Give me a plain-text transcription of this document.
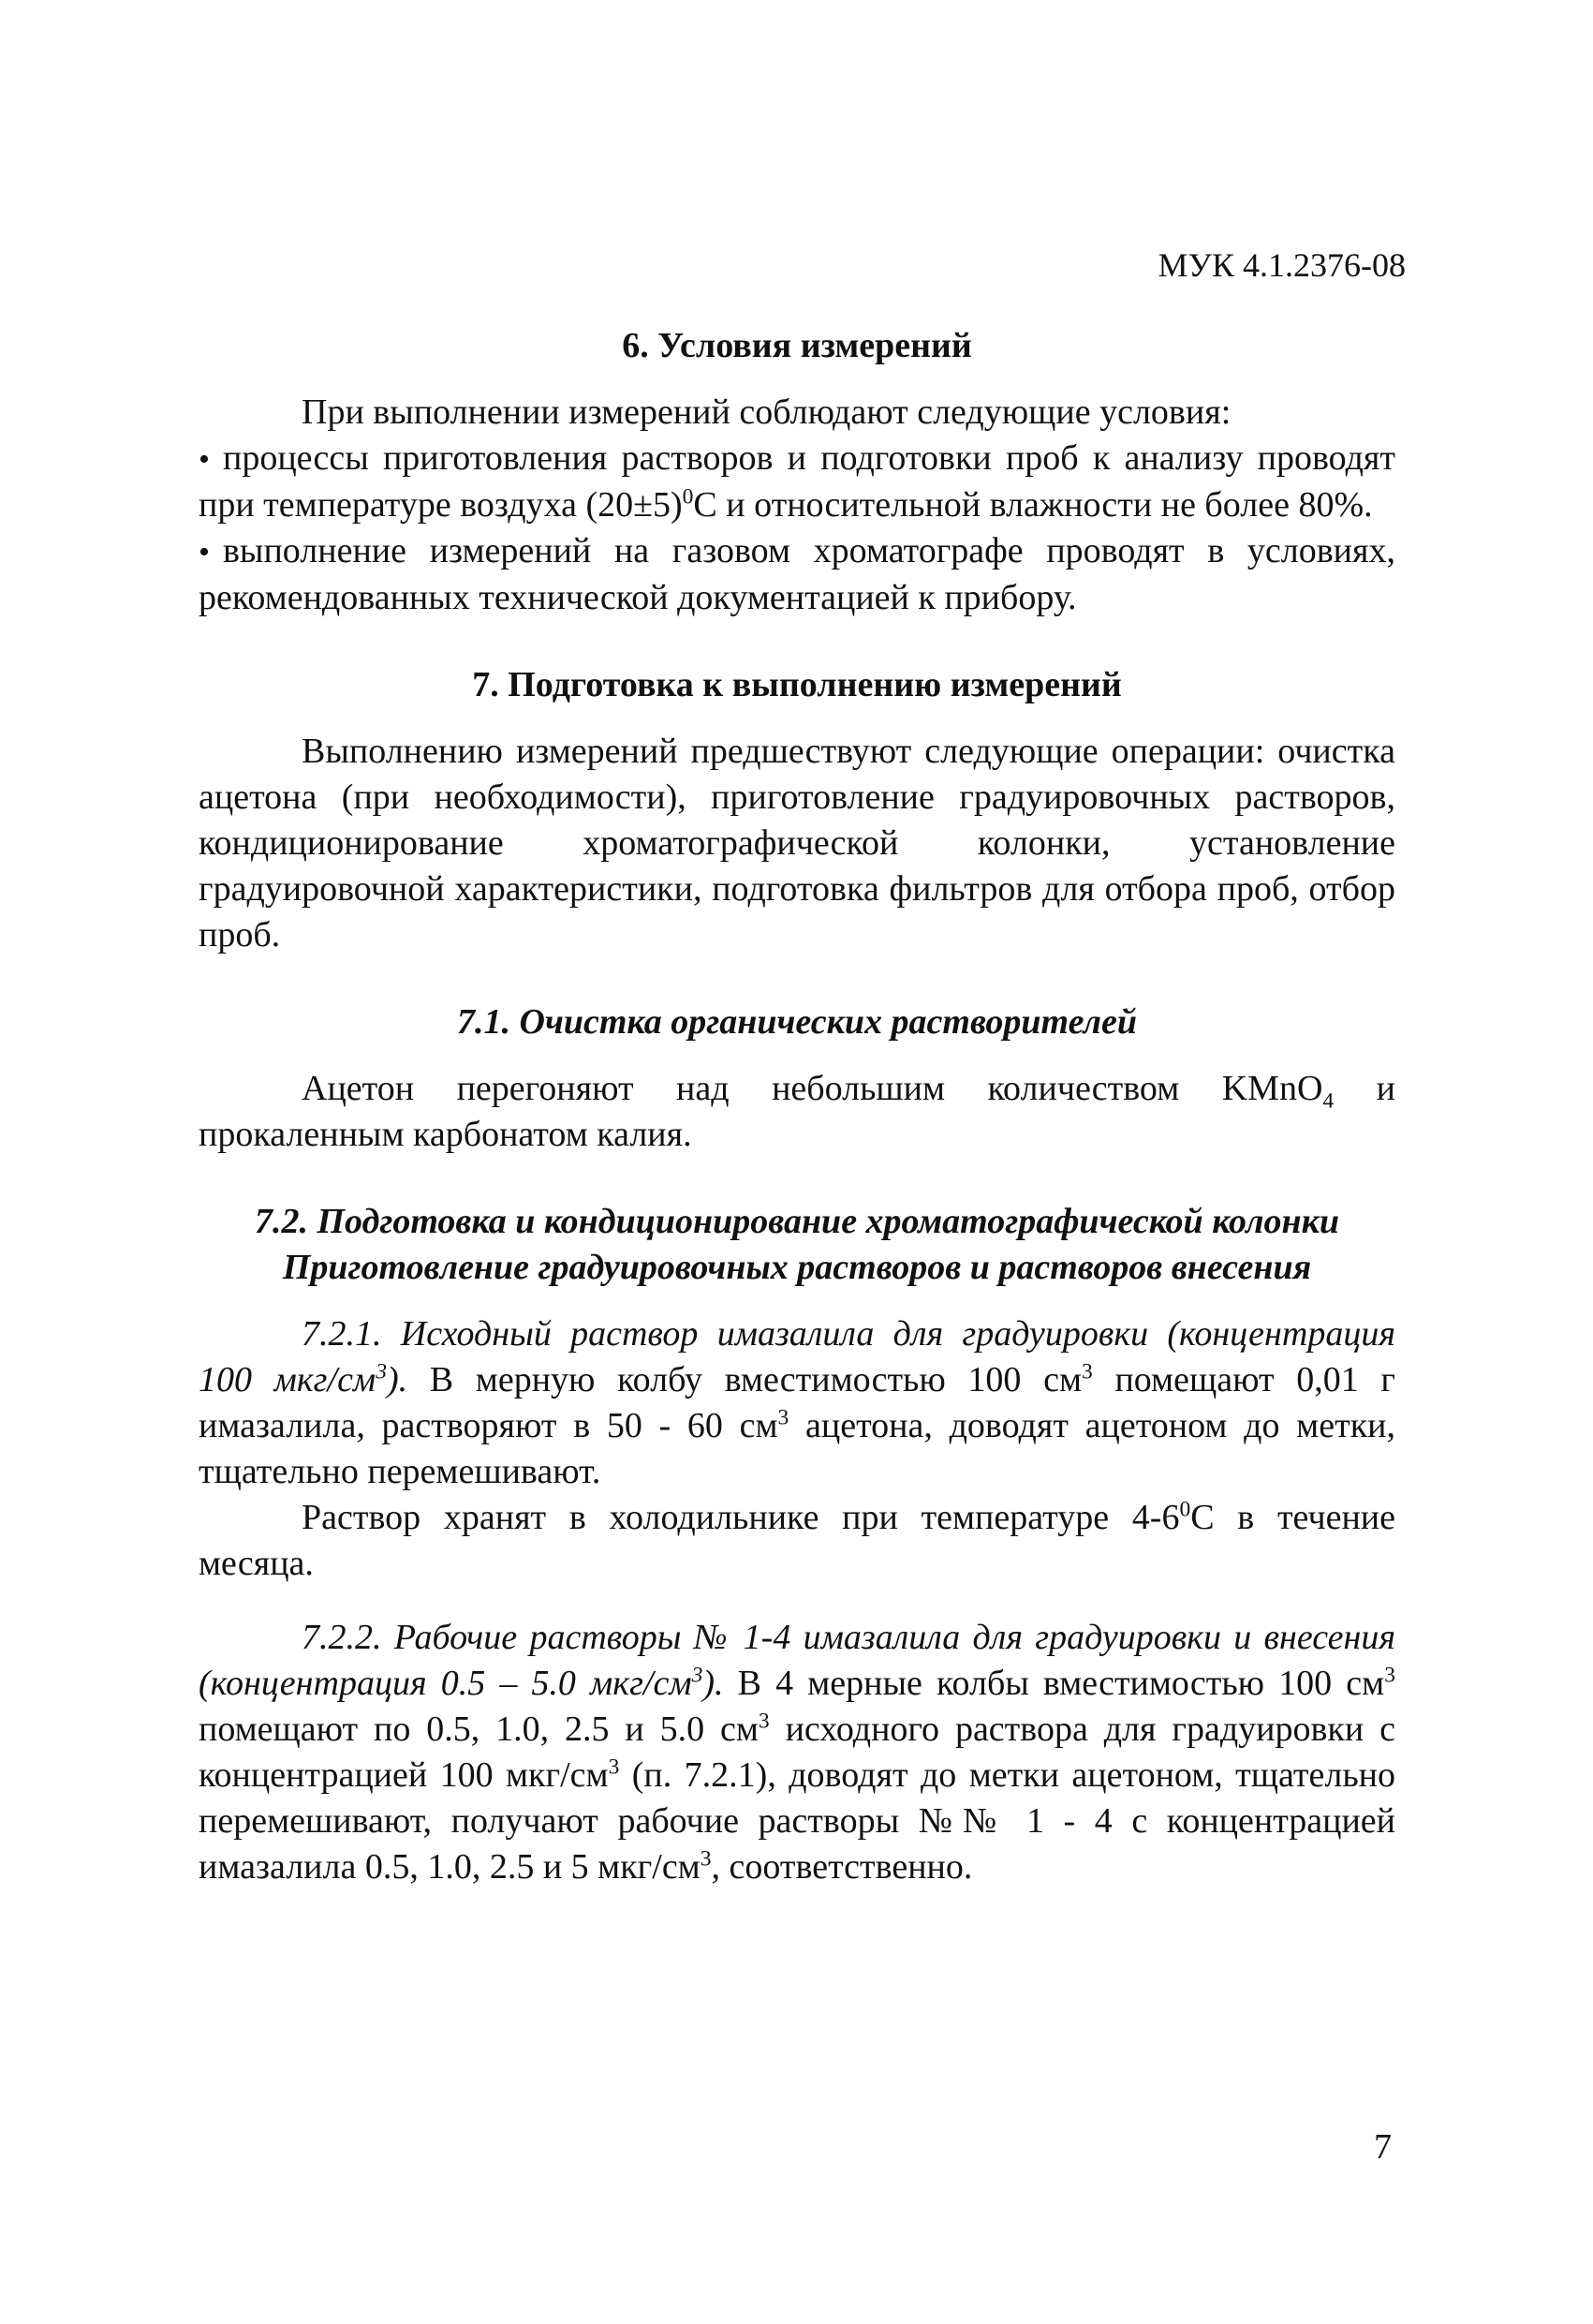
МУК 4.1.2376-08
6. Условия измерений

При выполнении измерений соблюдают следующие условия:

• процессы приготовления растворов и подготовки проб к анализу проводят при температуре воздуха $(20\pm 5)^0С$ и относительной влажности не более 80%.

• выполнение измерений на газовом хроматографе проводят в условиях, рекомендованных технической документацией к прибору.

7. Подготовка к выполнению измерений

Выполнению измерений предшествуют следующие операции: очистка ацетона (при необходимости), приготовление градуировочных растворов, кондиционирование хроматографической колонки, установление градуировочной характеристики, подготовка фильтров для отбора проб, отбор проб.

7.1. Очистка органических растворителей

Ацетон перегоняют над небольшим количеством KMnO$_4$ и прокаленным карбонатом калия.

7.2. Подготовка и кондиционирование хроматографической колонки
Приготовление градуировочных растворов и растворов внесения

7.2.1. Исходный раствор имазалила для градуировки (концентрация 100 мкг/$см^3$). В мерную колбу вместимостью 100 $см^3$ помещают 0,01 г имазалила, растворяют в 50 - 60 $см^3$ ацетона, доводят ацетоном до метки, тщательно перемешивают.

Раствор хранят в холодильнике при температуре $4-6^0С$ в течение месяца.

7.2.2. Рабочие растворы № 1-4 имазалила для градуировки и внесения (концентрация 0.5 – 5.0 мкг/$см^3$). В 4 мерные колбы вместимостью 100 $см^3$ помещают по 0.5, 1.0, 2.5 и 5.0 $см^3$ исходного раствора для градуировки с концентрацией 100 мкг/$см^3$ (п. 7.2.1), доводят до метки ацетоном, тщательно перемешивают, получают рабочие растворы №№ 1 - 4 с концентрацией имазалила 0.5, 1.0, 2.5 и 5 мкг/$см^3$, соответственно.

7
